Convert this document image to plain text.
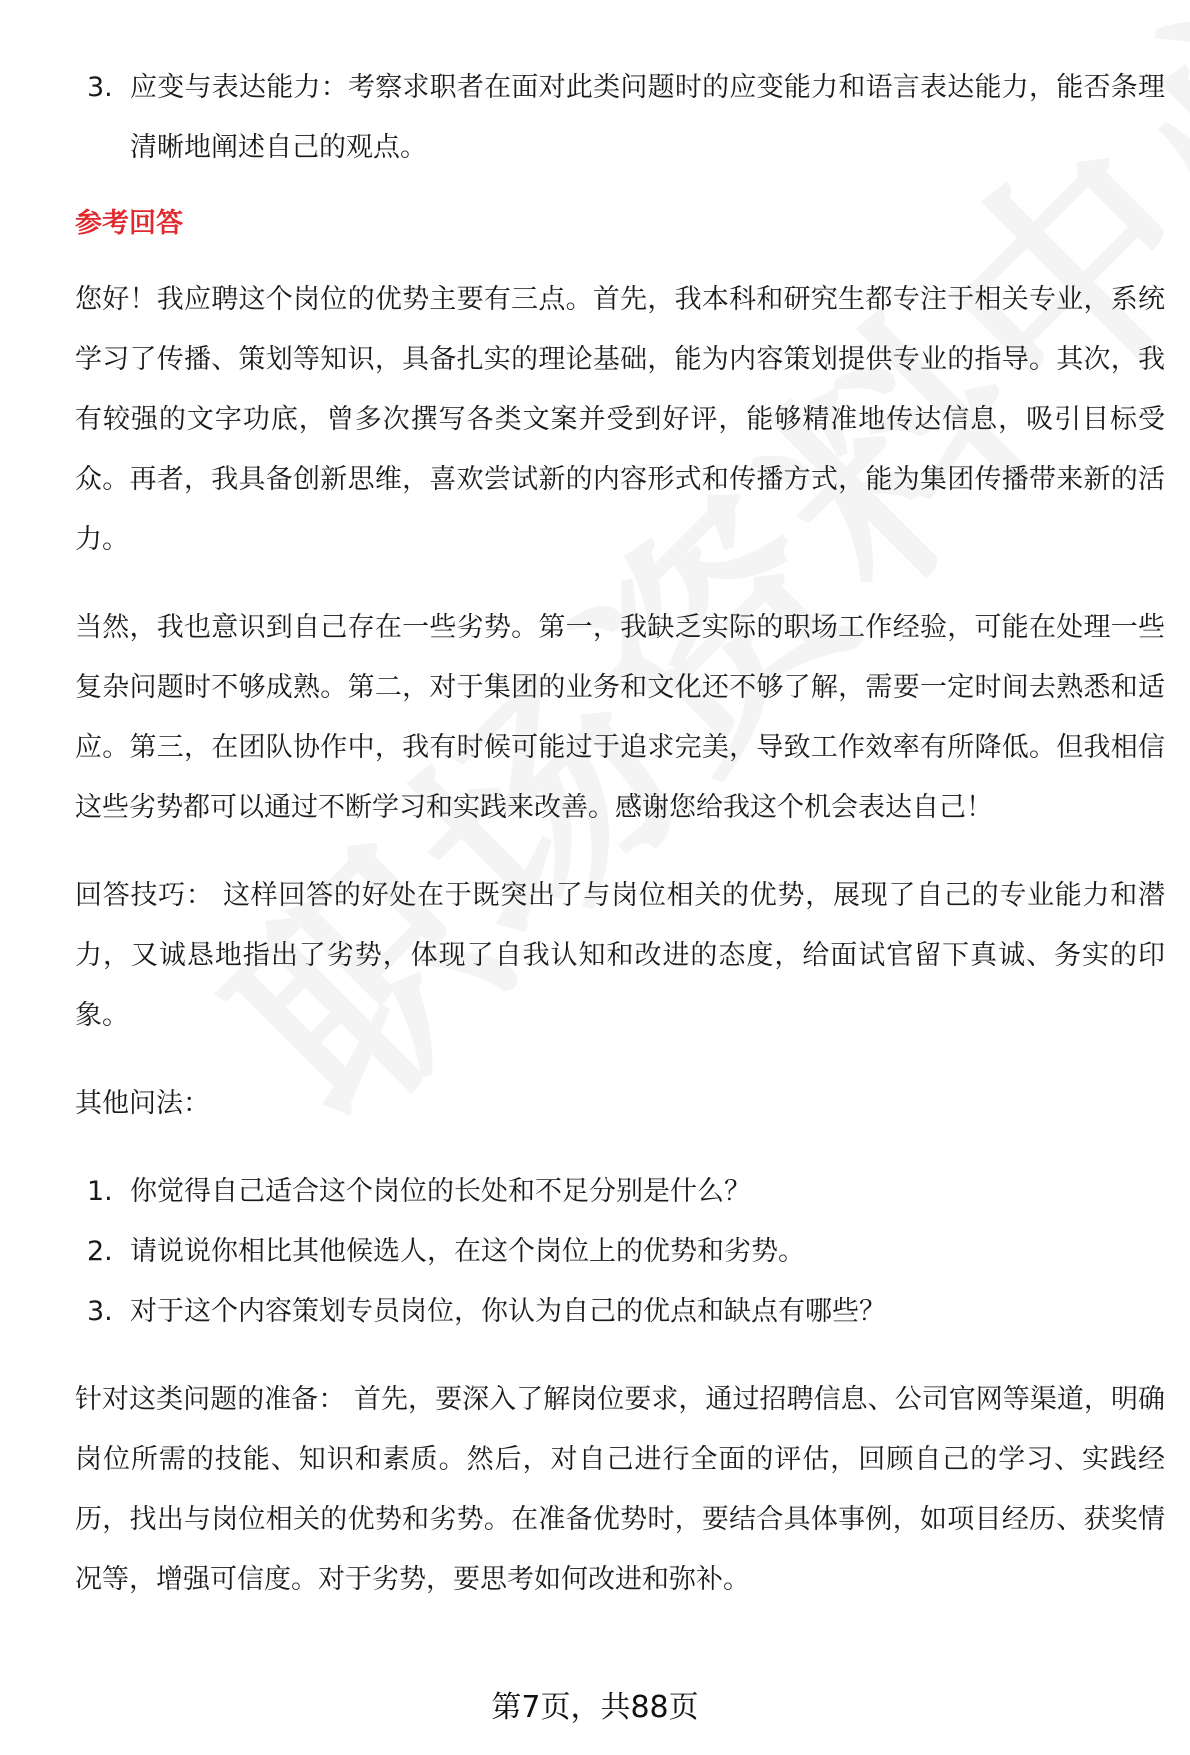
3. 应变与表达能力：考察求职者在面对此类问题时的应变能力和语言表达能力，能否条理清晰地阐述自己的观点。
参考回答
您好！我应聘这个岗位的优势主要有三点。首先，我本科和研究生都专注于相关专业，系统学习了传播、策划等知识，具备扎实的理论基础，能为内容策划提供专业的指导。其次，我有较强的文字功底，曾多次撰写各类文案并受到好评，能够精准地传达信息，吸引目标受众。再者，我具备创新思维，喜欢尝试新的内容形式和传播方式，能为集团传播带来新的活力。
当然，我也意识到自己存在一些劣势。第一，我缺乏实际的职场工作经验，可能在处理一些复杂问题时不够成熟。第二，对于集团的业务和文化还不够了解，需要一定时间去熟悉和适应。第三，在团队协作中，我有时候可能过于追求完美，导致工作效率有所降低。但我相信这些劣势都可以通过不断学习和实践来改善。感谢您给我这个机会表达自己！
回答技巧： 这样回答的好处在于既突出了与岗位相关的优势，展现了自己的专业能力和潜力，又诚恳地指出了劣势，体现了自我认知和改进的态度，给面试官留下真诚、务实的印象。
其他问法：
1. 你觉得自己适合这个岗位的长处和不足分别是什么？
2. 请说说你相比其他候选人，在这个岗位上的优势和劣势。
3. 对于这个内容策划专员岗位，你认为自己的优点和缺点有哪些？
针对这类问题的准备： 首先，要深入了解岗位要求，通过招聘信息、公司官网等渠道，明确岗位所需的技能、知识和素质。然后，对自己进行全面的评估，回顾自己的学习、实践经历，找出与岗位相关的优势和劣势。在准备优势时，要结合具体事例，如项目经历、获奖情况等，增强可信度。对于劣势，要思考如何改进和弥补。
第7页，共88页
